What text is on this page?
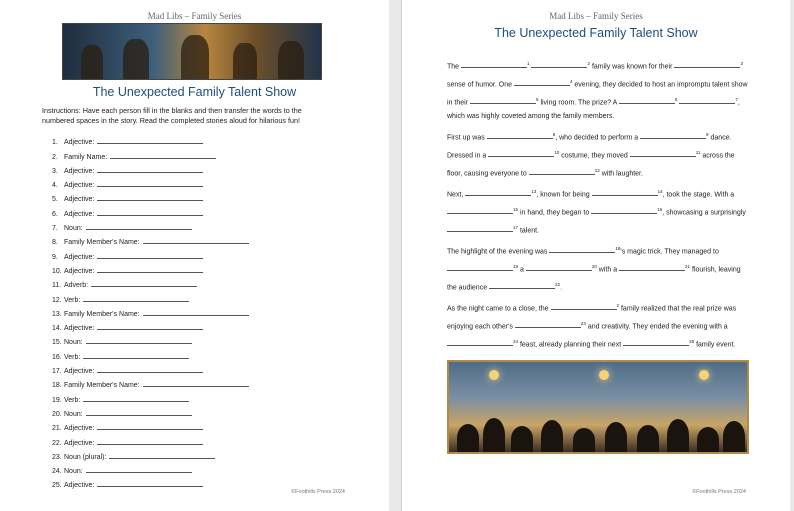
Mad Libs – Family Series
The Unexpected Family Talent Show
Instructions: Have each person fill in the blanks and then transfer the words to the numbered spaces in the story. Read the completed stories aloud for hilarious fun!
1. Adjective:
2. Family Name:
3. Adjective:
4. Adjective:
5. Adjective:
6. Adjective:
7. Noun:
8. Family Member's Name:
9. Adjective:
10. Adjective:
11. Adverb:
12. Verb:
13. Family Member's Name:
14. Adjective:
15. Noun:
16. Verb:
17. Adjective:
18. Family Member's Name:
19. Verb:
20. Noun:
21. Adjective:
22. Adjective:
23. Noun (plural):
24. Noun:
25. Adjective:
©Foothills Press 2024
Mad Libs – Family Series
The Unexpected Family Talent Show
The	$^1$	$^2$ family was known for their	$^3$ sense of humor. One	$^4$ evening, they decided to host an impromptu talent show in their	$^5$ living room. The prize? A	$^6$	$^7$, which was highly coveted among the family members.
First up was	$^8$, who decided to perform a	$^9$ dance. Dressed in a	$^{10}$ costume, they moved	$^{11}$ across the floor, causing everyone to	$^{12}$ with laughter.
Next,	$^{13}$, known for being	$^{14}$, took the stage. With a $^{15}$ in hand, they began to	$^{16}$, showcasing a surprisingly $^{17}$ talent.
The highlight of the evening was	$^{18}$'s magic trick. They managed to $^{19}$ a	$^{20}$ with a	$^{21}$ flourish, leaving the audience	$^{22}$.
As the night came to a close, the	$^2$ family realized that the real prize was enjoying each other's	$^{23}$ and creativity. They ended the evening with a $^{24}$ feast, already planning their next	$^{25}$ family event.
©Foothills Press 2024
